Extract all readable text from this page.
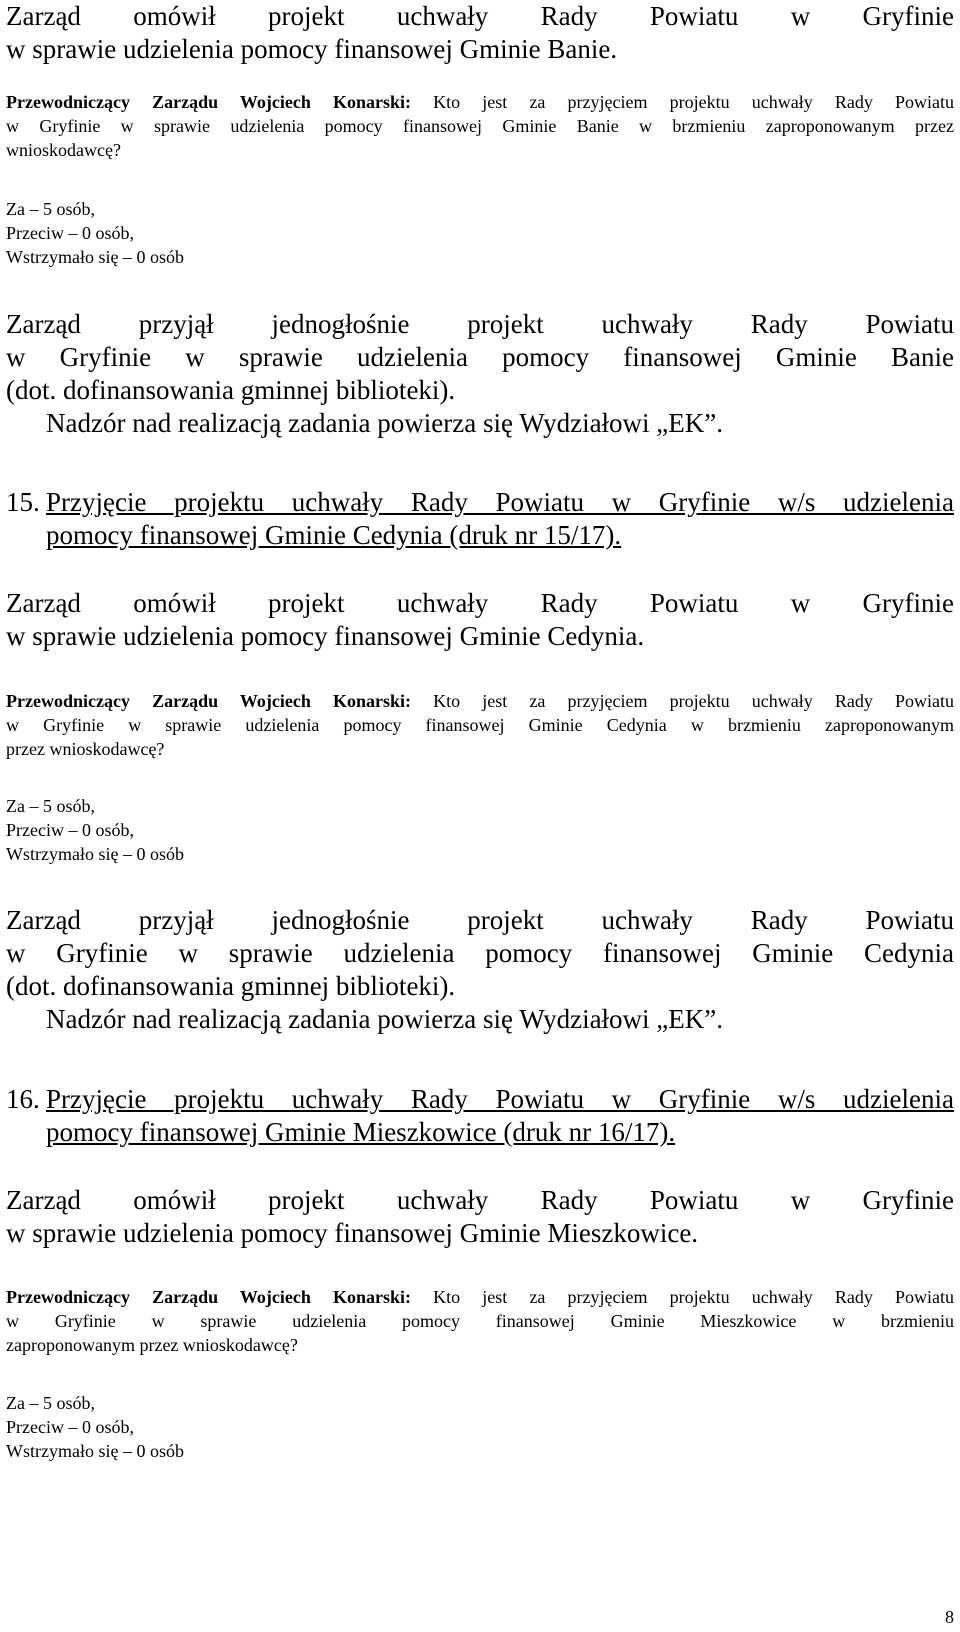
Zarząd omówił projekt uchwały Rady Powiatu w Gryfinie
w sprawie udzielenia pomocy finansowej Gminie Banie.
Przewodniczący Zarządu Wojciech Konarski: Kto jest za przyjęciem projektu uchwały Rady Powiatu
w Gryfinie w sprawie udzielenia pomocy finansowej Gminie Banie w brzmieniu zaproponowanym przez
wnioskodawcę?
Za – 5 osób,
Przeciw – 0 osób,
Wstrzymało się – 0 osób
Zarząd przyjął jednogłośnie projekt uchwały Rady Powiatu
w Gryfinie w sprawie udzielenia pomocy finansowej Gminie Banie
(dot. dofinansowania gminnej biblioteki).
Nadzór nad realizacją zadania powierza się Wydziałowi „EK”.
15. Przyjęcie projektu uchwały Rady Powiatu w Gryfinie w/s udzielenia
pomocy finansowej Gminie Cedynia (druk nr 15/17).
Zarząd omówił projekt uchwały Rady Powiatu w Gryfinie
w sprawie udzielenia pomocy finansowej Gminie Cedynia.
Przewodniczący Zarządu Wojciech Konarski: Kto jest za przyjęciem projektu uchwały Rady Powiatu
w Gryfinie w sprawie udzielenia pomocy finansowej Gminie Cedynia w brzmieniu zaproponowanym
przez wnioskodawcę?
Za – 5 osób,
Przeciw – 0 osób,
Wstrzymało się – 0 osób
Zarząd przyjął jednogłośnie projekt uchwały Rady Powiatu
w Gryfinie w sprawie udzielenia pomocy finansowej Gminie Cedynia
(dot. dofinansowania gminnej biblioteki).
Nadzór nad realizacją zadania powierza się Wydziałowi „EK”.
16. Przyjęcie projektu uchwały Rady Powiatu w Gryfinie w/s udzielenia
pomocy finansowej Gminie Mieszkowice (druk nr 16/17).
Zarząd omówił projekt uchwały Rady Powiatu w Gryfinie
w sprawie udzielenia pomocy finansowej Gminie Mieszkowice.
Przewodniczący Zarządu Wojciech Konarski: Kto jest za przyjęciem projektu uchwały Rady Powiatu
w Gryfinie w sprawie udzielenia pomocy finansowej Gminie Mieszkowice w brzmieniu
zaproponowanym przez wnioskodawcę?
Za – 5 osób,
Przeciw – 0 osób,
Wstrzymało się – 0 osób
8
